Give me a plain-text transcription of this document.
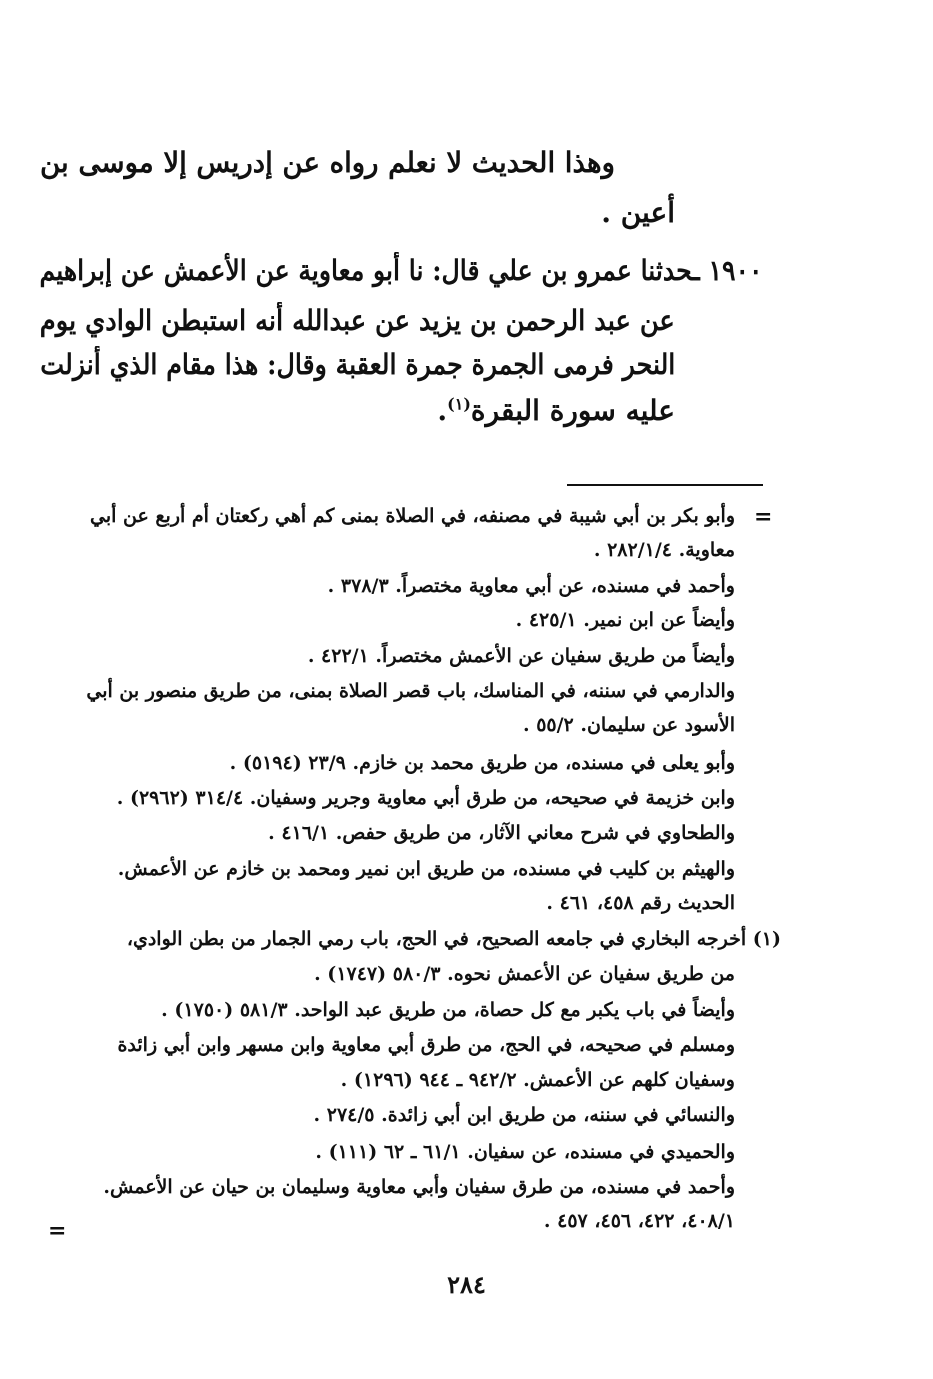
وهذا الحديث لا نعلم رواه عن إدريس إلا موسى بن
أعين .
١٩٠٠ ـحدثنا عمرو بن علي قال: نا أبو معاوية عن الأعمش عن إبراهيم
عن عبد الرحمن بن يزيد عن عبدالله أنه استبطن الوادي يوم
النحر فرمى الجمرة جمرة العقبة وقال: هذا مقام الذي أنزلت
عليه سورة البقرة$^{(١)}$.
=
وأبو بكر بن أبي شيبة في مصنفه، في الصلاة بمنى كم أهي ركعتان أم أربع عن أبي
معاوية. ٢٨٢/١/٤ .
وأحمد في مسنده، عن أبي معاوية مختصراً. ٣٧٨/٣ .
وأيضاً عن ابن نمير. ٤٢٥/١ .
وأيضاً من طريق سفيان عن الأعمش مختصراً. ٤٢٢/١ .
والدارمي في سننه، في المناسك، باب قصر الصلاة بمنى، من طريق منصور بن أبي
الأسود عن سليمان. ٥٥/٢ .
وأبو يعلى في مسنده، من طريق محمد بن خازم. ٢٣/٩ (٥١٩٤) .
وابن خزيمة في صحيحه، من طرق أبي معاوية وجرير وسفيان. ٣١٤/٤ (٢٩٦٢) .
والطحاوي في شرح معاني الآثار، من طريق حفص. ٤١٦/١ .
والهيثم بن كليب في مسنده، من طريق ابن نمير ومحمد بن خازم عن الأعمش.
الحديث رقم ٤٥٨، ٤٦١ .
(١) أخرجه البخاري في جامعه الصحيح، في الحج، باب رمي الجمار من بطن الوادي،
من طريق سفيان عن الأعمش نحوه. ٥٨٠/٣ (١٧٤٧) .
وأيضاً في باب يكبر مع كل حصاة، من طريق عبد الواحد. ٥٨١/٣ (١٧٥٠) .
ومسلم في صحيحه، في الحج، من طرق أبي معاوية وابن مسهر وابن أبي زائدة
وسفيان كلهم عن الأعمش. ٩٤٢/٢ ـ ٩٤٤ (١٢٩٦) .
والنسائي في سننه، من طريق ابن أبي زائدة. ٢٧٤/٥ .
والحميدي في مسنده، عن سفيان. ٦١/١ ـ ٦٢ (١١١) .
وأحمد في مسنده، من طرق سفيان وأبي معاوية وسليمان بن حيان عن الأعمش.
٤٠٨/١، ٤٢٢، ٤٥٦، ٤٥٧ .
=
٢٨٤
